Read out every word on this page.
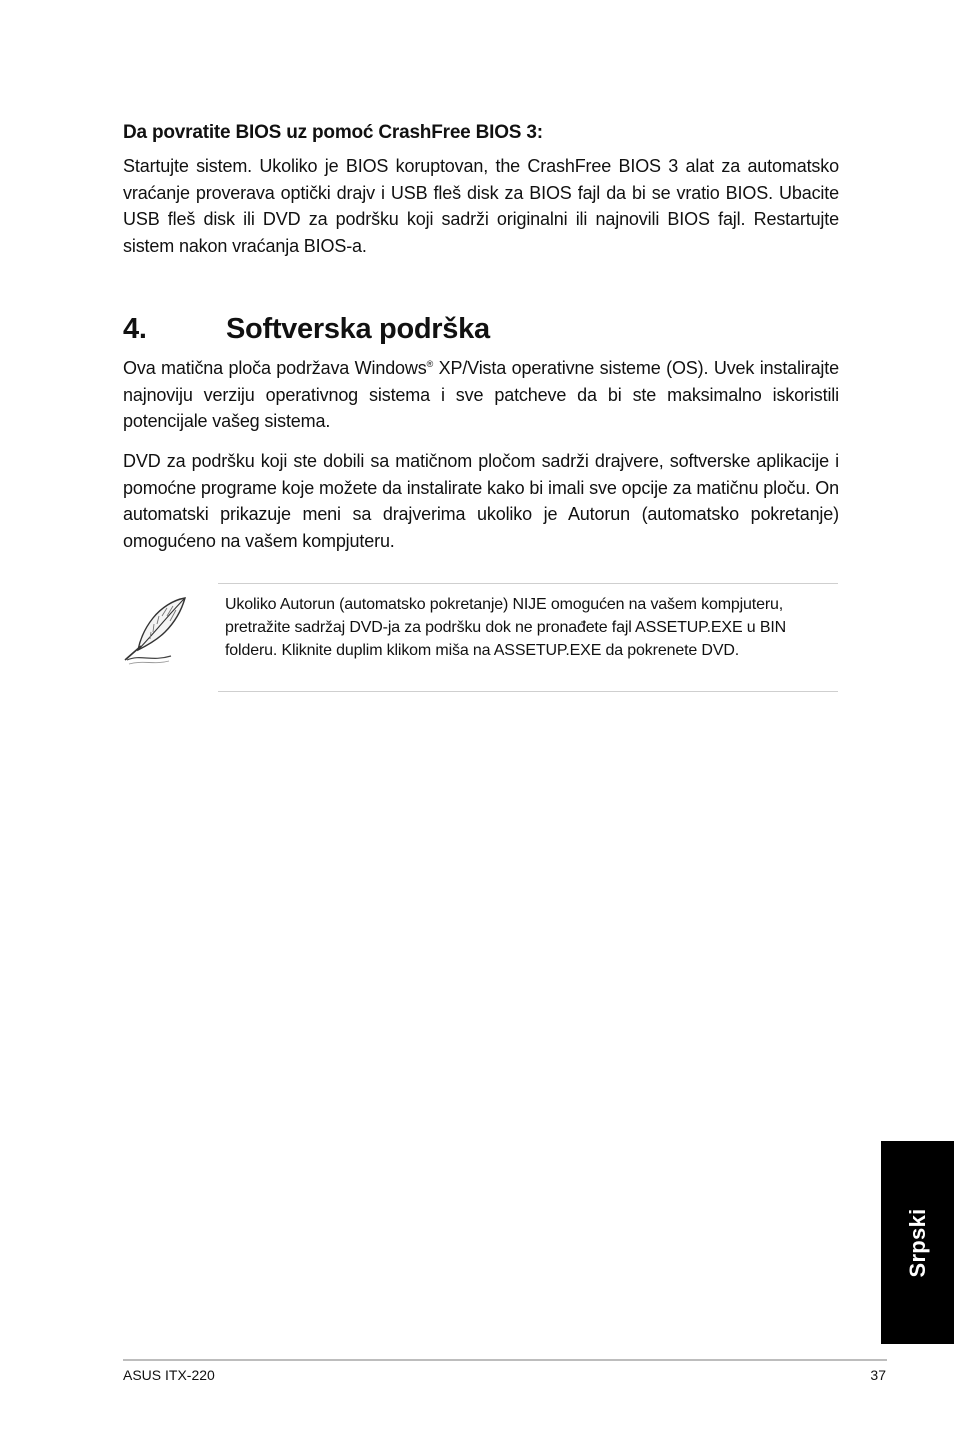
Da povratite BIOS uz pomoć CrashFree BIOS 3:

Startujte sistem. Ukoliko je BIOS koruptovan, the CrashFree BIOS 3 alat za automatsko vraćanje proverava optički drajv i USB fleš disk za BIOS fajl da bi se vratio BIOS. Ubacite USB fleš disk ili DVD za podršku koji sadrži originalni ili najnovili BIOS fajl. Restartujte sistem nakon vraćanja BIOS-a.

4.	Softverska podrška

Ova matična ploča podržava Windows® XP/Vista operativne sisteme (OS). Uvek instalirajte najnoviju verziju operativnog sistema i sve patcheve da bi ste maksimalno iskoristili potencijale vašeg sistema.

DVD za podršku koji ste dobili sa matičnom pločom sadrži drajvere, softverske aplikacije i pomoćne programe koje možete da instalirate kako bi imali sve opcije za matičnu ploču. On automatski prikazuje meni sa drajverima ukoliko je Autorun (automatsko pokretanje) omogućeno na vašem kompjuteru.

Ukoliko Autorun (automatsko pokretanje) NIJE omogućen na vašem kompjuteru, pretražite sadržaj DVD-ja za podršku dok ne pronađete fajl ASSETUP.EXE u BIN folderu. Kliknite duplim klikom miša na ASSETUP.EXE da pokrenete DVD.
Srpski
ASUS ITX-220	37
